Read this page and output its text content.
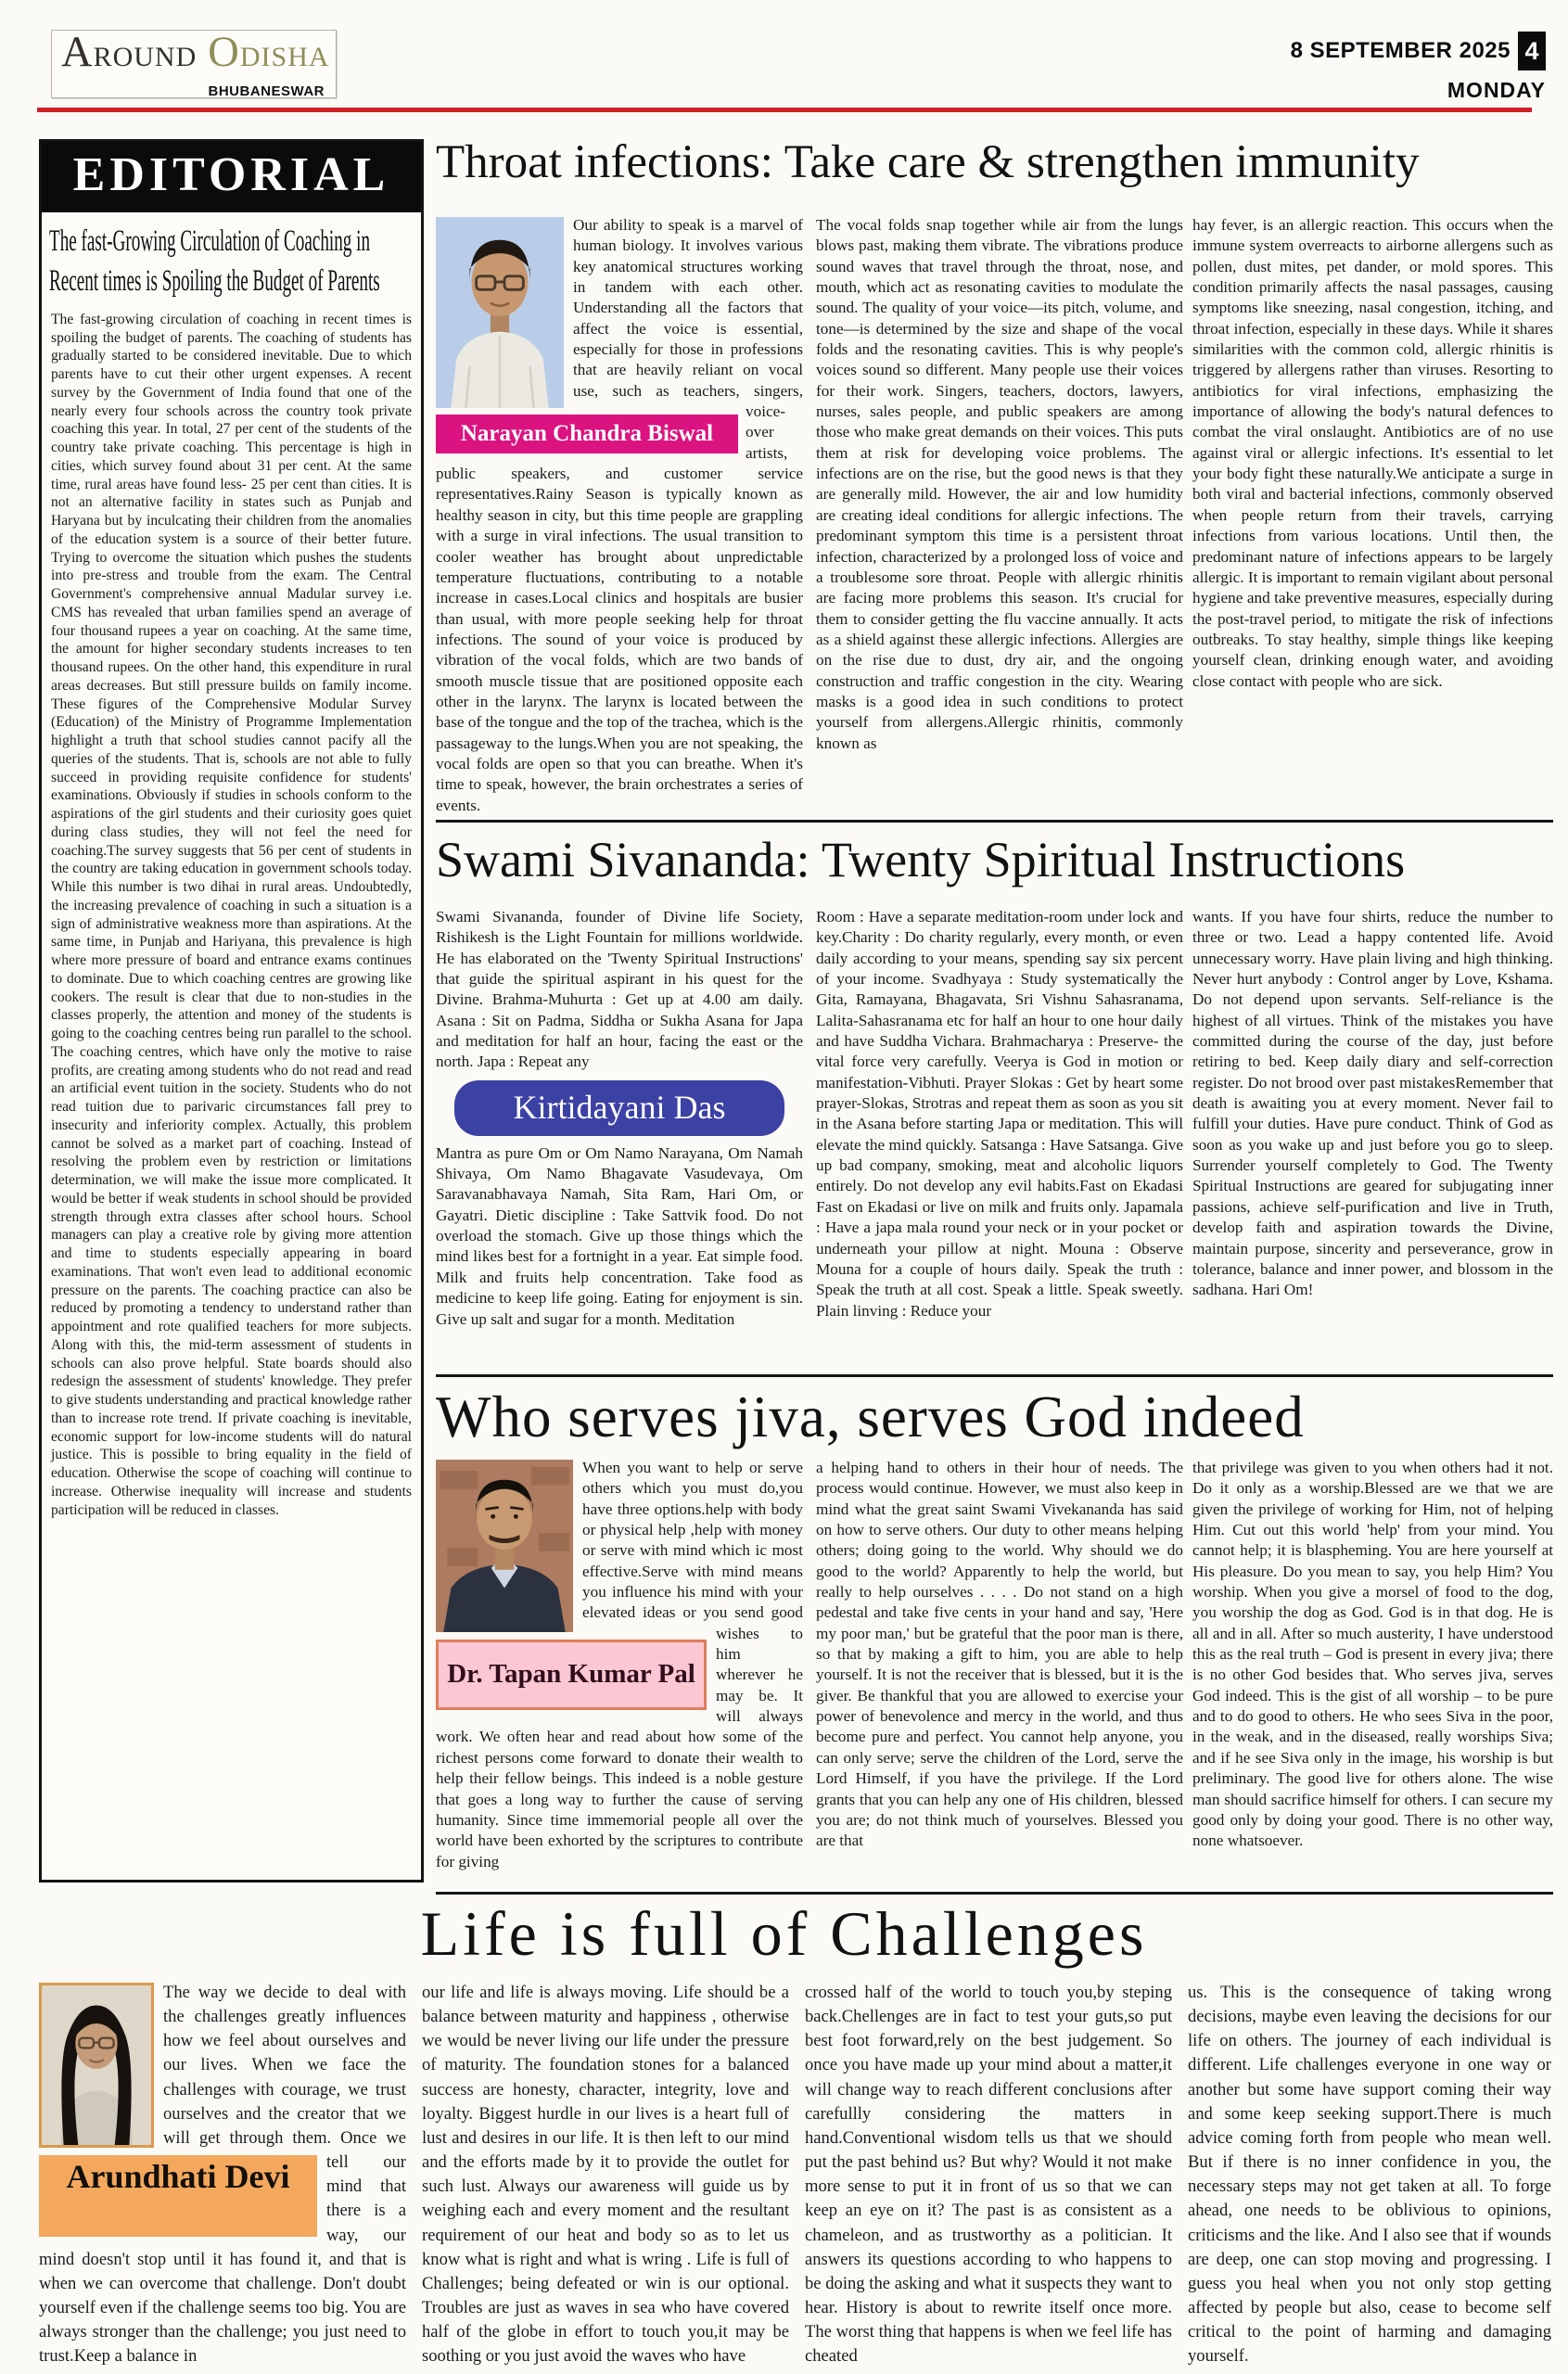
AROUND ODISHA
BHUBANESWAR
8 SEPTEMBER 2025 4
MONDAY
EDITORIAL
The fast-Growing Circulation of Coaching in
Recent times is Spoiling the Budget of Parents
The fast-growing circulation of coaching in recent times is spoiling the budget of parents. The coaching of students has gradually started to be considered inevitable. Due to which parents have to cut their other urgent expenses. A recent survey by the Government of India found that one of the nearly every four schools across the country took private coaching this year. In total, 27 per cent of the students of the country take private coaching. This percentage is high in cities, which survey found about 31 per cent. At the same time, rural areas have found less- 25 per cent than cities. It is not an alternative facility in states such as Punjab and Haryana but by inculcating their children from the anomalies of the education system is a source of their better future. Trying to overcome the situation which pushes the students into pre-stress and trouble from the exam. The Central Government's comprehensive annual Madular survey i.e. CMS has revealed that urban families spend an average of four thousand rupees a year on coaching. At the same time, the amount for higher secondary students increases to ten thousand rupees. On the other hand, this expenditure in rural areas decreases. But still pressure builds on family income. These figures of the Comprehensive Modular Survey (Education) of the Ministry of Programme Implementation highlight a truth that school studies cannot pacify all the queries of the students. That is, schools are not able to fully succeed in providing requisite confidence for students' examinations. Obviously if studies in schools conform to the aspirations of the girl students and their curiosity goes quiet during class studies, they will not feel the need for coaching.The survey suggests that 56 per cent of students in the country are taking education in government schools today. While this number is two dihai in rural areas. Undoubtedly, the increasing prevalence of coaching in such a situation is a sign of administrative weakness more than aspirations. At the same time, in Punjab and Hariyana, this prevalence is high where more pressure of board and entrance exams continues to dominate. Due to which coaching centres are growing like cookers. The result is clear that due to non-studies in the classes properly, the attention and money of the students is going to the coaching centres being run parallel to the school. The coaching centres, which have only the motive to raise profits, are creating among students who do not read and read an artificial event tuition in the society. Students who do not read tuition due to parivaric circumstances fall prey to insecurity and inferiority complex. Actually, this problem cannot be solved as a market part of coaching. Instead of resolving the problem even by restriction or limitations determination, we will make the issue more complicated. It would be better if weak students in school should be provided strength through extra classes after school hours. School managers can play a creative role by giving more attention and time to students especially appearing in board examinations. That won't even lead to additional economic pressure on the parents. The coaching practice can also be reduced by promoting a tendency to understand rather than appointment and rote qualified teachers for more subjects. Along with this, the mid-term assessment of students in schools can also prove helpful. State boards should also redesign the assessment of students' knowledge. They prefer to give students understanding and practical knowledge rather than to increase rote trend. If private coaching is inevitable, economic support for low-income students will do natural justice. This is possible to bring equality in the field of education. Otherwise the scope of coaching will continue to increase. Otherwise inequality will increase and students participation will be reduced in classes.
Throat infections: Take care & strengthen immunity
Narayan Chandra Biswal
Our ability to speak is a marvel of human biology. It involves various key anatomical structures working in tandem with each other. Understanding all the factors that affect the voice is essential, especially for those in professions that are heavily reliant on vocal use, such as teachers, singers, voice-over artists, public speakers, and customer service representatives.Rainy Season is typically known as healthy season in city, but this time people are grappling with a surge in viral infections. The usual transition to cooler weather has brought about unpredictable temperature fluctuations, contributing to a notable increase in cases.Local clinics and hospitals are busier than usual, with more people seeking help for throat infections. The sound of your voice is produced by vibration of the vocal folds, which are two bands of smooth muscle tissue that are positioned opposite each other in the larynx. The larynx is located between the base of the tongue and the top of the trachea, which is the passageway to the lungs.When you are not speaking, the vocal folds are open so that you can breathe. When it's time to speak, however, the brain orchestrates a series of events.
The vocal folds snap together while air from the lungs blows past, making them vibrate. The vibrations produce sound waves that travel through the throat, nose, and mouth, which act as resonating cavities to modulate the sound. The quality of your voice—its pitch, volume, and tone—is determined by the size and shape of the vocal folds and the resonating cavities. This is why people's voices sound so different. Many people use their voices for their work. Singers, teachers, doctors, lawyers, nurses, sales people, and public speakers are among those who make great demands on their voices. This puts them at risk for developing voice problems. The infections are on the rise, but the good news is that they are generally mild. However, the air and low humidity are creating ideal conditions for allergic infections. The predominant symptom this time is a persistent throat infection, characterized by a prolonged loss of voice and a troublesome sore throat. People with allergic rhinitis are facing more problems this season. It's crucial for them to consider getting the flu vaccine annually. It acts as a shield against these allergic infections. Allergies are on the rise due to dust, dry air, and the ongoing construction and traffic congestion in the city. Wearing masks is a good idea in such conditions to protect yourself from allergens.Allergic rhinitis, commonly known as
hay fever, is an allergic reaction. This occurs when the immune system overreacts to airborne allergens such as pollen, dust mites, pet dander, or mold spores. This condition primarily affects the nasal passages, causing symptoms like sneezing, nasal congestion, itching, and throat infection, especially in these days. While it shares similarities with the common cold, allergic rhinitis is triggered by allergens rather than viruses. Resorting to antibiotics for viral infections, emphasizing the importance of allowing the body's natural defences to combat the viral onslaught. Antibiotics are of no use against viral or allergic infections. It's essential to let your body fight these naturally.We anticipate a surge in both viral and bacterial infections, commonly observed when people return from their travels, carrying infections from various locations. Until then, the predominant nature of infections appears to be largely allergic. It is important to remain vigilant about personal hygiene and take preventive measures, especially during the post-travel period, to mitigate the risk of infections outbreaks. To stay healthy, simple things like keeping yourself clean, drinking enough water, and avoiding close contact with people who are sick.
Swami Sivananda: Twenty Spiritual Instructions
Swami Sivananda, founder of Divine life Society, Rishikesh is the Light Fountain for millions worldwide. He has elaborated on the 'Twenty Spiritual Instructions' that guide the spiritual aspirant in his quest for the Divine. Brahma-Muhurta : Get up at 4.00 am daily. Asana : Sit on Padma, Siddha or Sukha Asana for Japa and meditation for half an hour, facing the east or the north. Japa : Repeat any
Kirtidayani Das
Mantra as pure Om or Om Namo Narayana, Om Namah Shivaya, Om Namo Bhagavate Vasudevaya, Om Saravanabhavaya Namah, Sita Ram, Hari Om, or Gayatri. Dietic discipline : Take Sattvik food. Do not overload the stomach. Give up those things which the mind likes best for a fortnight in a year. Eat simple food. Milk and fruits help concentration. Take food as medicine to keep life going. Eating for enjoyment is sin. Give up salt and sugar for a month. Meditation
Room : Have a separate meditation-room under lock and key.Charity : Do charity regularly, every month, or even daily according to your means, spending say six percent of your income. Svadhyaya : Study systematically the Gita, Ramayana, Bhagavata, Sri Vishnu Sahasranama, Lalita-Sahasranama etc for half an hour to one hour daily and have Suddha Vichara. Brahmacharya : Preserve- the vital force very carefully. Veerya is God in motion or manifestation-Vibhuti. Prayer Slokas : Get by heart some prayer-Slokas, Strotras and repeat them as soon as you sit in the Asana before starting Japa or meditation. This will elevate the mind quickly. Satsanga : Have Satsanga. Give up bad company, smoking, meat and alcoholic liquors entirely. Do not develop any evil habits.Fast on Ekadasi Fast on Ekadasi or live on milk and fruits only. Japamala : Have a japa mala round your neck or in your pocket or underneath your pillow at night. Mouna : Observe Mouna for a couple of hours daily. Speak the truth : Speak the truth at all cost. Speak a little. Speak sweetly. Plain linving : Reduce your
wants. If you have four shirts, reduce the number to three or two. Lead a happy contented life. Avoid unnecessary worry. Have plain living and high thinking. Never hurt anybody : Control anger by Love, Kshama. Do not depend upon servants. Self-reliance is the highest of all virtues. Think of the mistakes you have committed during the course of the day, just before retiring to bed. Keep daily diary and self-correction register. Do not brood over past mistakesRemember that death is awaiting you at every moment. Never fail to fulfill your duties. Have pure conduct. Think of God as soon as you wake up and just before you go to sleep. Surrender yourself completely to God. The Twenty Spiritual Instructions are geared for subjugating inner passions, achieve self-purification and live in Truth, develop faith and aspiration towards the Divine, maintain purpose, sincerity and perseverance, grow in tolerance, balance and inner power, and blossom in the sadhana. Hari Om!
Who serves jiva, serves God indeed
Dr. Tapan Kumar Pal
When you want to help or serve others which you must do,you have three options.help with body or physical help ,help with money or serve with mind which ic most effective.Serve with mind means you influence his mind with your elevated ideas or you send good wishes to him wherever he may be. It will always work. We often hear and read about how some of the richest persons come forward to donate their wealth to help their fellow beings. This indeed is a noble gesture that goes a long way to further the cause of serving humanity. Since time immemorial people all over the world have been exhorted by the scriptures to contribute for giving
a helping hand to others in their hour of needs. The process would continue. However, we must also keep in mind what the great saint Swami Vivekananda has said on how to serve others. Our duty to other means helping others; doing going to the world. Why should we do good to the world? Apparently to help the world, but really to help ourselves . . . . Do not stand on a high pedestal and take five cents in your hand and say, 'Here my poor man,' but be grateful that the poor man is there, so that by making a gift to him, you are able to help yourself. It is not the receiver that is blessed, but it is the giver. Be thankful that you are allowed to exercise your power of benevolence and mercy in the world, and thus become pure and perfect. You cannot help anyone, you can only serve; serve the children of the Lord, serve the Lord Himself, if you have the privilege. If the Lord grants that you can help any one of His children, blessed you are; do not think much of yourselves. Blessed you are that
that privilege was given to you when others had it not. Do it only as a worship.Blessed are we that we are given the privilege of working for Him, not of helping Him. Cut out this world 'help' from your mind. You cannot help; it is blaspheming. You are here yourself at His pleasure. Do you mean to say, you help Him? You worship. When you give a morsel of food to the dog, you worship the dog as God. God is in that dog. He is all and in all. After so much austerity, I have understood this as the real truth – God is present in every jiva; there is no other God besides that. Who serves jiva, serves God indeed. This is the gist of all worship – to be pure and to do good to others. He who sees Siva in the poor, in the weak, and in the diseased, really worships Siva; and if he see Siva only in the image, his worship is but preliminary. The good live for others alone. The wise man should sacrifice himself for others. I can secure my good only by doing your good. There is no other way, none whatsoever.
Life is full of Challenges
Arundhati Devi
The way we decide to deal with the challenges greatly influences how we feel about ourselves and our lives. When we face the challenges with courage, we trust ourselves and the creator that we will get through them. Once we tell our mind that there is a way, our mind doesn't stop until it has found it, and that is when we can overcome that challenge. Don't doubt yourself even if the challenge seems too big. You are always stronger than the challenge; you just need to trust.Keep a balance in
our life and life is always moving. Life should be a balance between maturity and happiness , otherwise we would be never living our life under the pressure of maturity. The foundation stones for a balanced success are honesty, character, integrity, love and loyalty. Biggest hurdle in our lives is a heart full of lust and desires in our life. It is then left to our mind and the efforts made by it to provide the outlet for such lust. Always our awareness will guide us by weighing each and every moment and the resultant requirement of our heat and body so as to let us know what is right and what is wring . Life is full of Challenges; being defeated or win is our optional. Troubles are just as waves in sea who have covered half of the globe in effort to touch you,it may be soothing or you just avoid the waves who have
crossed half of the world to touch you,by steping back.Chellenges are in fact to test your guts,so put best foot forward,rely on the best judgement. So once you have made up your mind about a matter,it will change way to reach different conclusions after carefullly considering the matters in hand.Conventional wisdom tells us that we should put the past behind us? But why? Would it not make more sense to put it in front of us so that we can keep an eye on it? The past is as consistent as a chameleon, and as trustworthy as a politician. It answers its questions according to who happens to be doing the asking and what it suspects they want to hear. History is about to rewrite itself once more. The worst thing that happens is when we feel life has cheated
us. This is the consequence of taking wrong decisions, maybe even leaving the decisions for our life on others. The journey of each individual is different. Life challenges everyone in one way or another but some have support coming their way and some keep seeking support.There is much advice coming forth from people who mean well. But if there is no inner confidence in you, the necessary steps may not get taken at all. To forge ahead, one needs to be oblivious to opinions, criticisms and the like. And I also see that if wounds are deep, one can stop moving and progressing. I guess you heal when you not only stop getting affected by people but also, cease to become self critical to the point of harming and damaging yourself.
